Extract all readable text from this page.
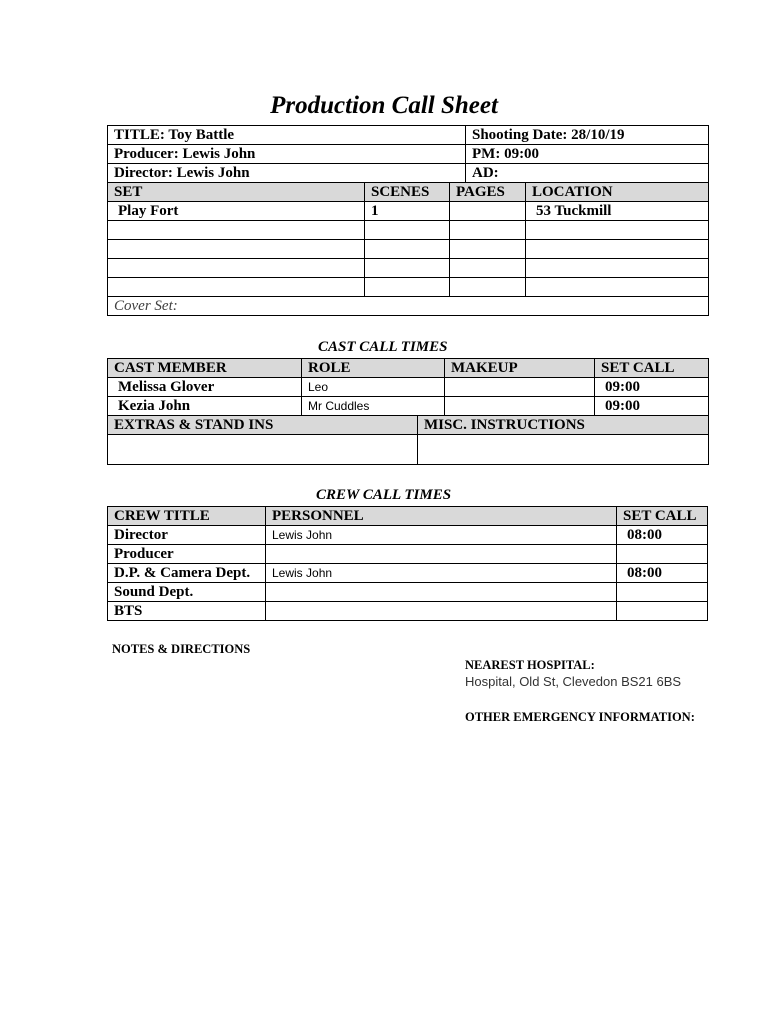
Production Call Sheet
TITLE: Toy Battle			Shooting Date: 28/10/19	
Producer: Lewis John			PM: 09:00	
Director: Lewis John			AD:	
SET	SCENES	PAGES		LOCATION
Play Fort	1			53 Tuckmill

Cover Set:				
CAST CALL TIMES
CAST MEMBER	ROLE		MAKEUP	SET CALL
Melissa Glover	Leo			09:00
Kezia John	Mr Cuddles			09:00
EXTRAS & STAND INS		MISC. INSTRUCTIONS		

CREW CALL TIMES
CREW TITLE	PERSONNEL	SET CALL
Director	Lewis John	08:00
Producer		
D.P. & Camera Dept.	Lewis John	08:00
Sound Dept.		
BTS		
NOTES & DIRECTIONS
NEAREST HOSPITAL:
Hospital, Old St, Clevedon BS21 6BS
OTHER EMERGENCY INFORMATION:
